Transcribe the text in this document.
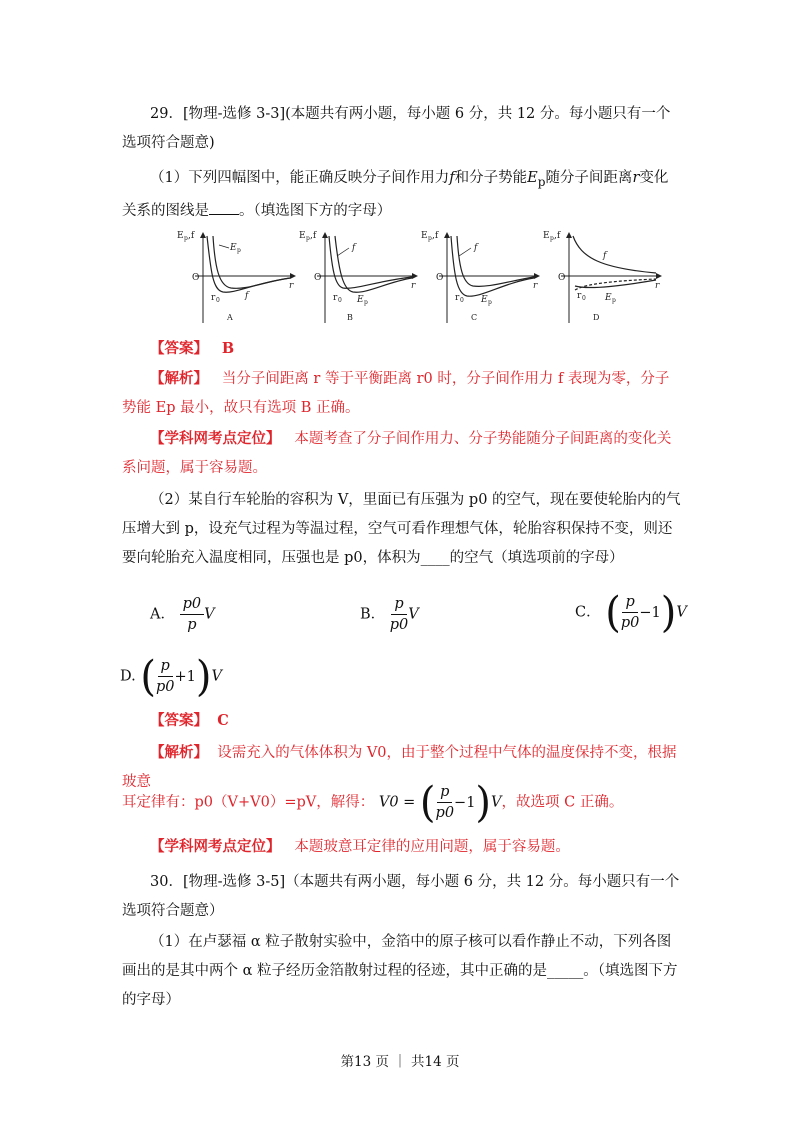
29．[物理-选修 3-3](本题共有两小题，每小题 6 分，共 12 分。每小题只有一个选项符合题意)
（1）下列四幅图中，能正确反映分子间作用力f和分子势能$E_p$随分子间距离r变化关系的图线是 。（填选图下方的字母）
E p ,f
O
r
E p
r 0	f
A
E p ,f
O
r
f
r 0 E p
B
E p ,f
O
r
f
r 0 E p
C
E p ,f
O
r
f
r 0 E p
D
【答案】 B
【解析】 当分子间距离 r 等于平衡距离 r0 时，分子间作用力 f 表现为零，分子势能 Ep 最小，故只有选项 B 正确。
【学科网考点定位】 本题考查了分子间作用力、分子势能随分子间距离的变化关系问题，属于容易题。
（2）某自行车轮胎的容积为 V，里面已有压强为 p0 的空气，现在要使轮胎内的气压增大到 p，设充气过程为等温过程，空气可看作理想气体，轮胎容积保持不变，则还要向轮胎充入温度相同，压强也是 p0，体积为____的空气（填选项前的字母）
A． $\frac{p0}{p}$ V	B． $\frac{p}{p0}$ V	C． ( $\frac{p}{p0} -1$ ) V
D. ( $\frac{p}{p0} +1$ ) V
【答案】 C
【解析】 设需充入的气体体积为 V0，由于整个过程中气体的温度保持不变，根据玻意
耳定律有：p0（V+V0）=pV，解得： V0 = ( $\frac{p}{p0} -1$ ) V，故选项 C 正确。
【学科网考点定位】 本题玻意耳定律的应用问题，属于容易题。
30．[物理-选修 3-5]（本题共有两小题，每小题 6 分，共 12 分。每小题只有一个选项符合题意）
（1）在卢瑟福 α 粒子散射实验中，金箔中的原子核可以看作静止不动，下列各图画出的是其中两个 α 粒子经历金箔散射过程的径迹，其中正确的是_____。（填选图下方的字母）
第13 页 ｜ 共14 页
